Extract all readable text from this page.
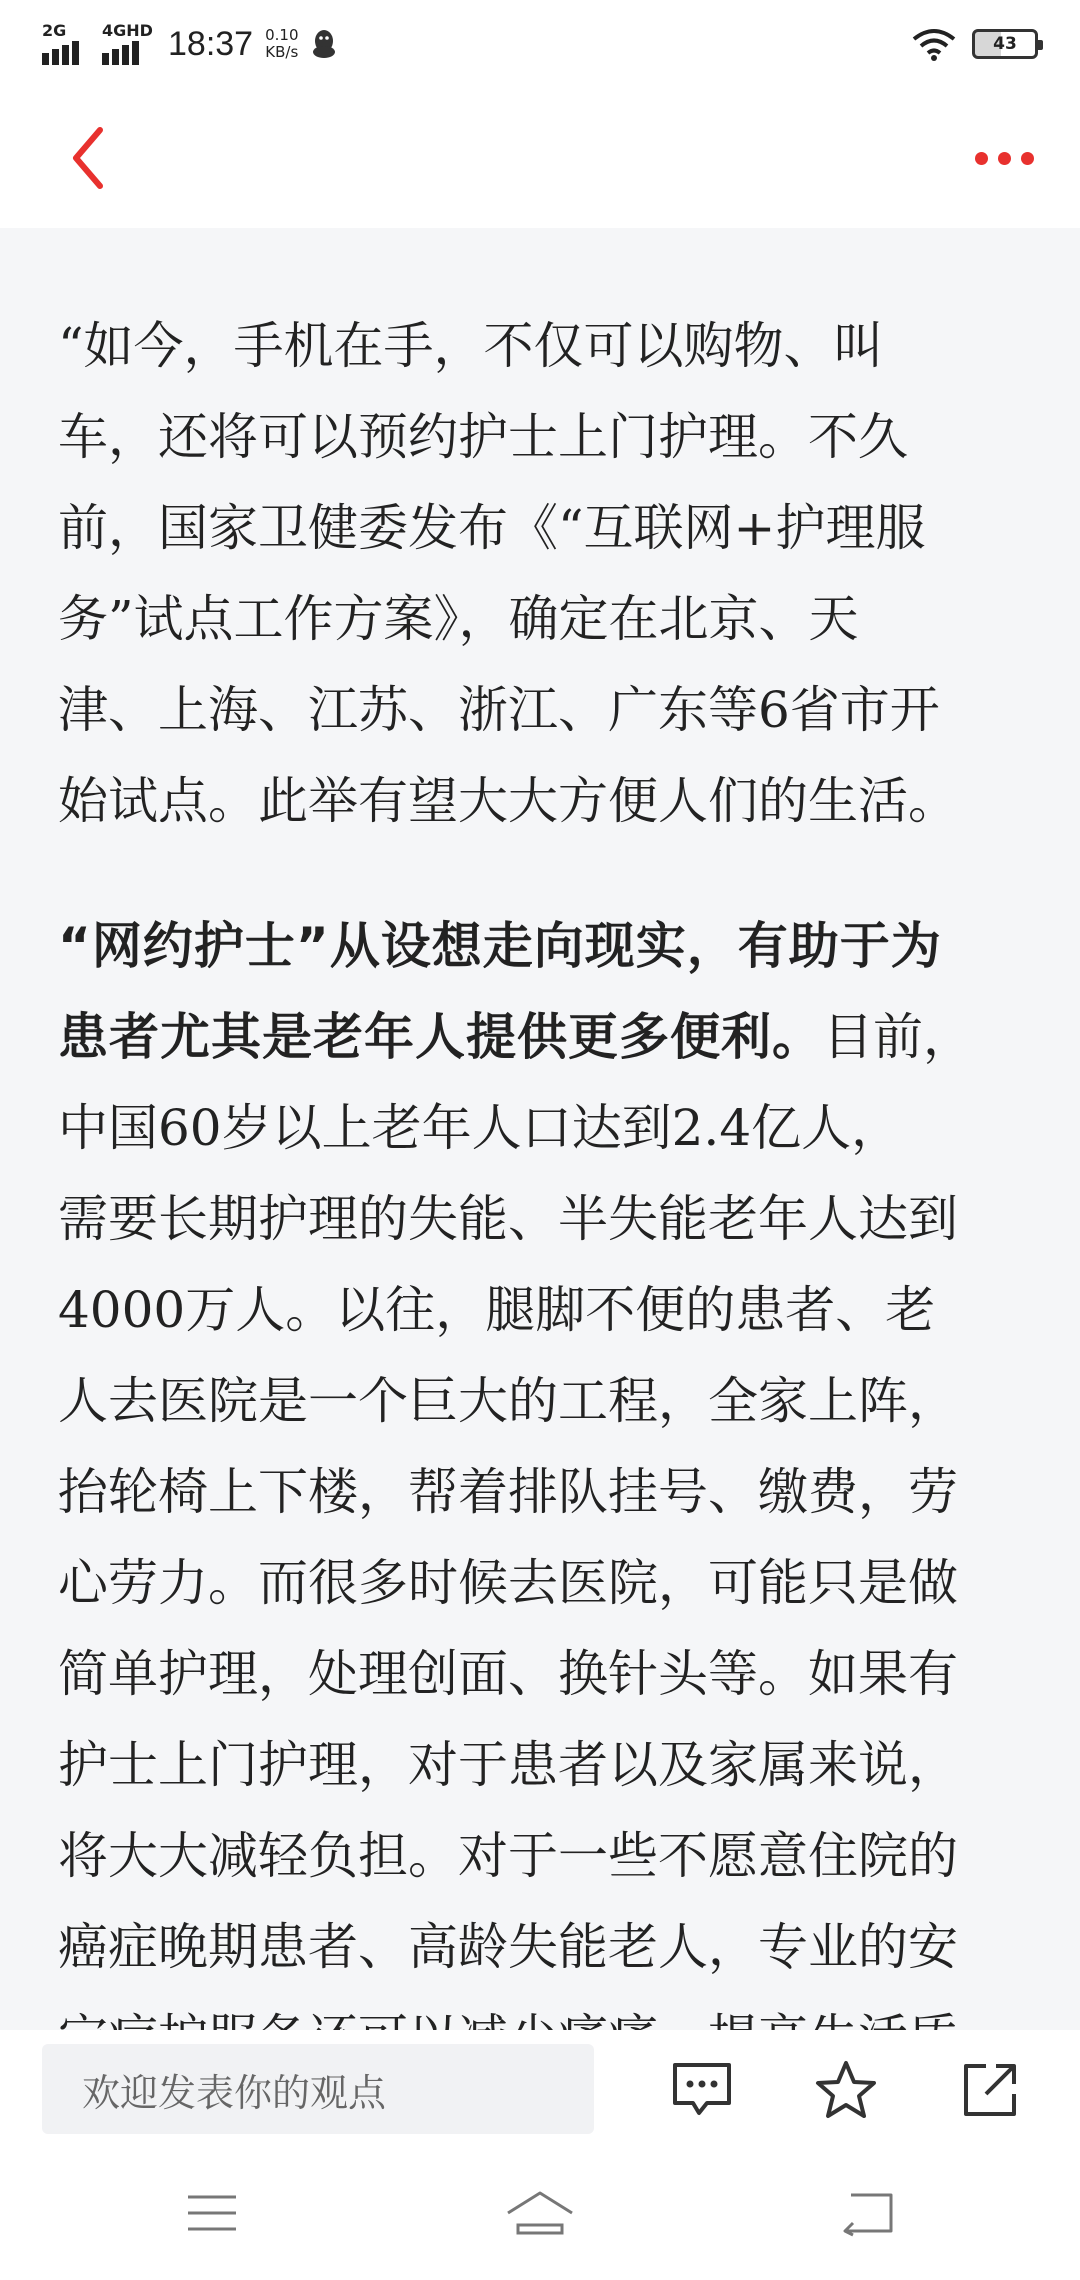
2G 4GHD 18:37 0.10
KB/s	43
“如今，手机在手，不仅可以购物、叫
车，还将可以预约护士上门护理。不久
前，国家卫健委发布《“互联网+护理服
务”试点工作方案》，确定在北京、天
津、上海、江苏、浙江、广东等6省市开
始试点。此举有望大大方便人们的生活。
“网约护士”从设想走向现实，有助于为
患者尤其是老年人提供更多便利。目前，
中国60岁以上老年人口达到2.4亿人，
需要长期护理的失能、半失能老年人达到
4000万人。以往，腿脚不便的患者、老
人去医院是一个巨大的工程，全家上阵，
抬轮椅上下楼，帮着排队挂号、缴费，劳
心劳力。而很多时候去医院，可能只是做
简单护理，处理创面、换针头等。如果有
护士上门护理，对于患者以及家属来说，
将大大减轻负担。对于一些不愿意住院的
癌症晚期患者、高龄失能老人，专业的安

欢迎发表你的观点
